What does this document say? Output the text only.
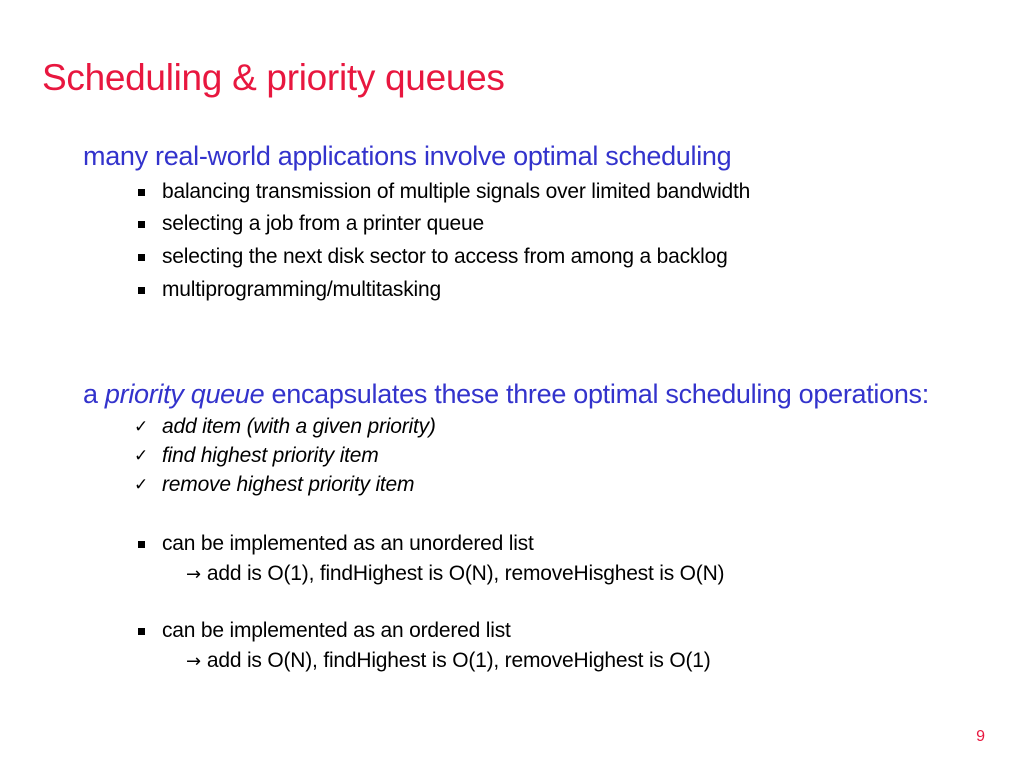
Scheduling & priority queues
many real-world applications involve optimal scheduling
balancing transmission of multiple signals over limited bandwidth
selecting a job from a printer queue
selecting the next disk sector to access from among a backlog
multiprogramming/multitasking
a priority queue encapsulates these three optimal scheduling operations:
✓ add item (with a given priority)
✓ find highest priority item
✓ remove highest priority item
can be implemented as an unordered list
→ add is O(1), findHighest is O(N), removeHisghest is O(N)
can be implemented as an ordered list
→ add is O(N), findHighest is O(1), removeHighest is O(1)
9
